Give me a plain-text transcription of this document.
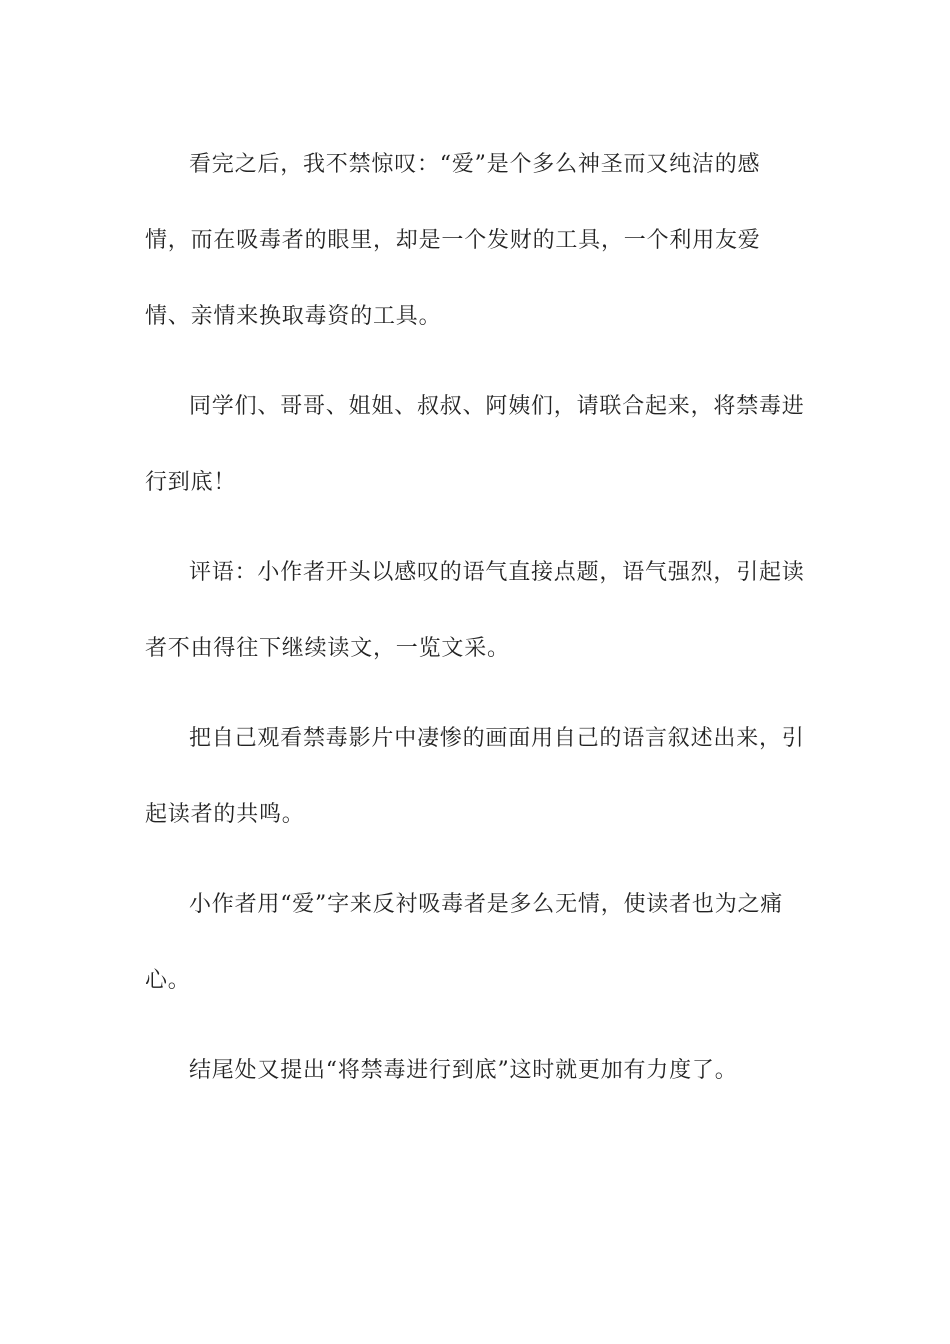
看完之后，我不禁惊叹：“爱”是个多么神圣而又纯洁的感情，而在吸毒者的眼里，却是一个发财的工具，一个利用友爱情、亲情来换取毒资的工具。

同学们、哥哥、姐姐、叔叔、阿姨们，请联合起来，将禁毒进行到底！

评语：小作者开头以感叹的语气直接点题，语气强烈，引起读者不由得往下继续读文，一览文采。

把自己观看禁毒影片中凄惨的画面用自己的语言叙述出来，引起读者的共鸣。

小作者用“爱”字来反衬吸毒者是多么无情，使读者也为之痛心。

结尾处又提出“将禁毒进行到底”这时就更加有力度了。
